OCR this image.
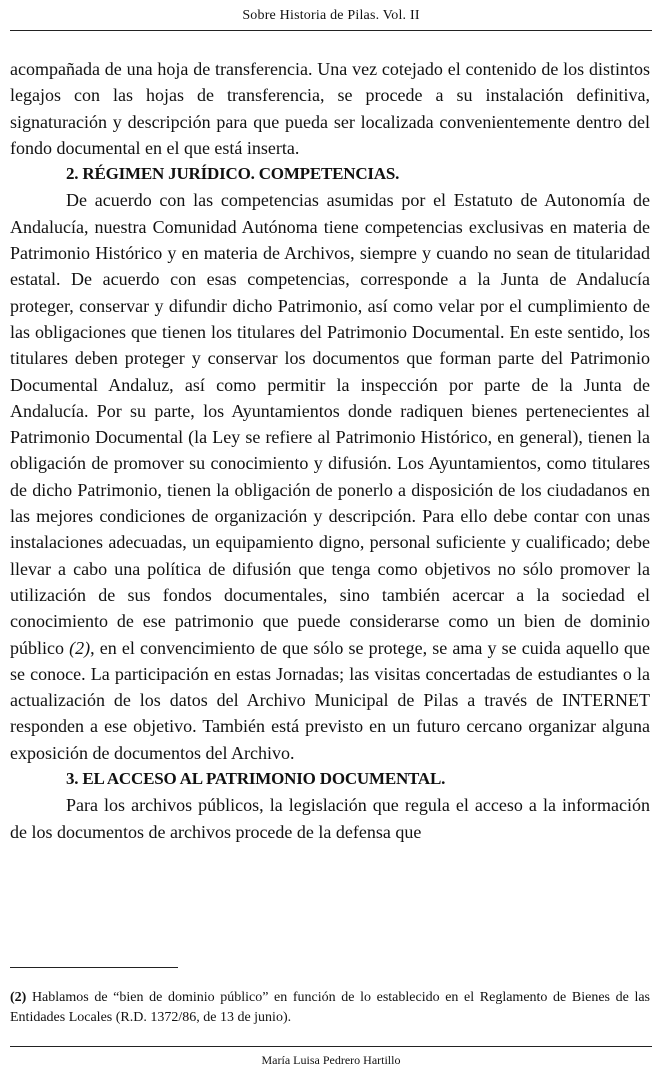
Sobre Historia de Pilas. Vol. II

acompañada de una hoja de transferencia. Una vez cotejado el contenido de los distintos legajos con las hojas de transferencia, se procede a su instalación definitiva, signaturación y descripción para que pueda ser localizada convenientemente dentro del fondo documental en el que está inserta.

2. RÉGIMEN JURÍDICO. COMPETENCIAS.

De acuerdo con las competencias asumidas por el Estatuto de Autonomía de Andalucía, nuestra Comunidad Autónoma tiene competencias exclusivas en materia de Patrimonio Histórico y en materia de Archivos, siempre y cuando no sean de titularidad estatal. De acuerdo con esas competencias, corresponde a la Junta de Andalucía proteger, conservar y difundir dicho Patrimonio, así como velar por el cumplimiento de las obligaciones que tienen los titulares del Patrimonio Documental. En este sentido, los titulares deben proteger y conservar los documentos que forman parte del Patrimonio Documental Andaluz, así como permitir la inspección por parte de la Junta de Andalucía. Por su parte, los Ayuntamientos donde radiquen bienes pertenecientes al Patrimonio Documental (la Ley se refiere al Patrimonio Histórico, en general), tienen la obligación de promover su conocimiento y difusión. Los Ayuntamientos, como titulares de dicho Patrimonio, tienen la obligación de ponerlo a disposición de los ciudadanos en las mejores condiciones de organización y descripción. Para ello debe contar con unas instalaciones adecuadas, un equipamiento digno, personal suficiente y cualificado; debe llevar a cabo una política de difusión que tenga como objetivos no sólo promover la utilización de sus fondos documentales, sino también acercar a la sociedad el conocimiento de ese patrimonio que puede considerarse como un bien de dominio público (2), en el convencimiento de que sólo se protege, se ama y se cuida aquello que se conoce. La participación en estas Jornadas; las visitas concertadas de estudiantes o la actualización de los datos del Archivo Municipal de Pilas a través de INTERNET responden a ese objetivo. También está previsto en un futuro cercano organizar alguna exposición de documentos del Archivo.

3. EL ACCESO AL PATRIMONIO DOCUMENTAL.

Para los archivos públicos, la legislación que regula el acceso a la información de los documentos de archivos procede de la defensa que

(2) Hablamos de “bien de dominio público” en función de lo establecido en el Reglamento de Bienes de las Entidades Locales (R.D. 1372/86, de 13 de junio).
María Luisa Pedrero Hartillo
